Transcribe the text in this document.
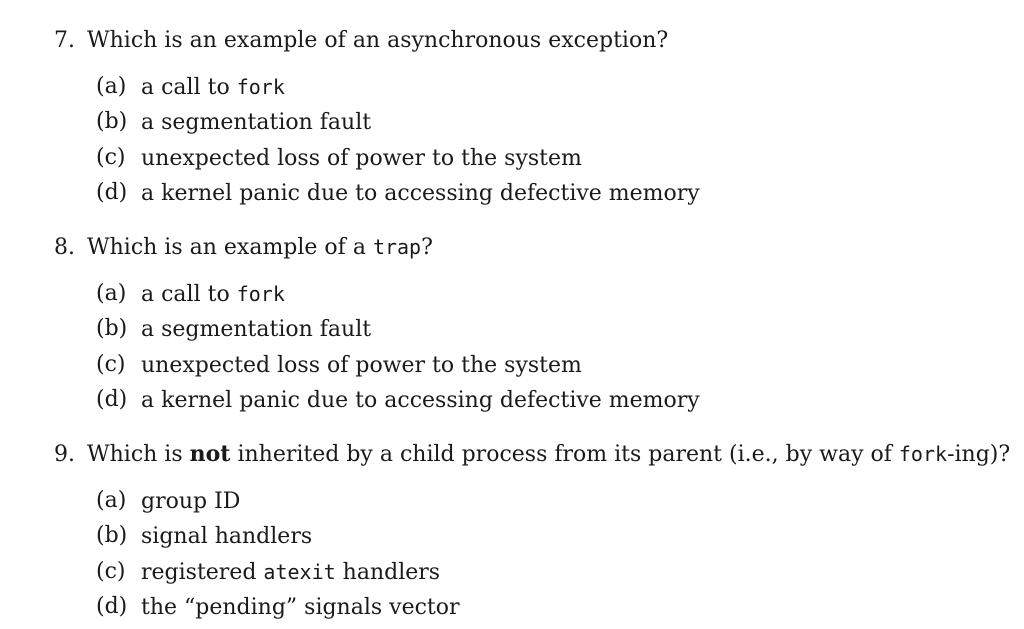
7. Which is an example of an asynchronous exception?
(a) a call to fork
(b) a segmentation fault
(c) unexpected loss of power to the system
(d) a kernel panic due to accessing defective memory
8. Which is an example of a trap?
(a) a call to fork
(b) a segmentation fault
(c) unexpected loss of power to the system
(d) a kernel panic due to accessing defective memory
9. Which is not inherited by a child process from its parent (i.e., by way of fork-ing)?
(a) group ID
(b) signal handlers
(c) registered atexit handlers
(d) the “pending” signals vector
